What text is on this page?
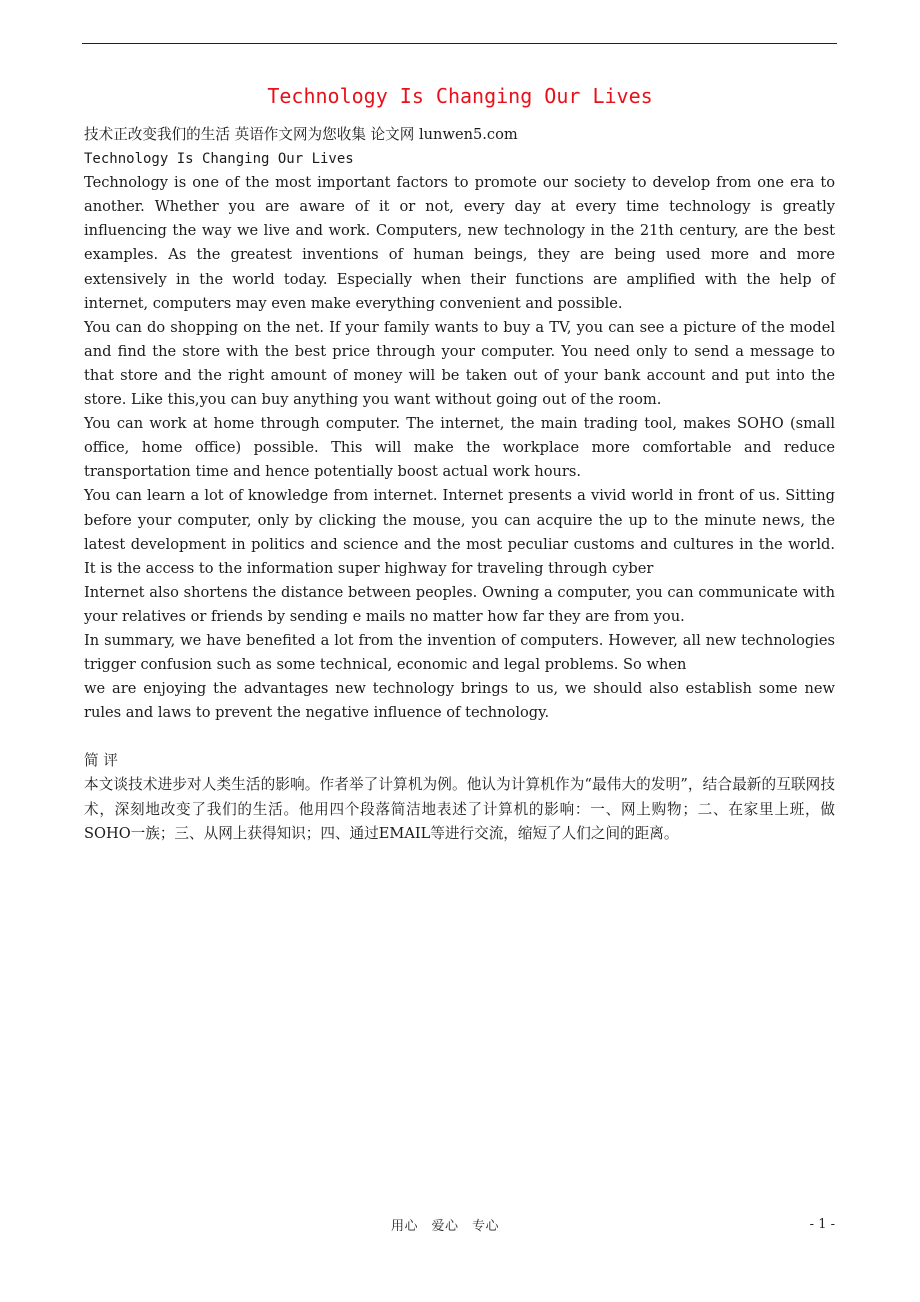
Technology Is Changing Our Lives

技术正改变我们的生活 英语作文网为您收集 论文网 lunwen5.com

Technology Is Changing Our Lives

Technology is one of the most important factors to promote our society to develop from one era to another. Whether you are aware of it or not, every day at every time technology is greatly influencing the way we live and work. Computers, new technology in the 21th century, are the best examples. As the greatest inventions of human beings, they are being used more and more extensively in the world today. Especially when their functions are amplified with the help of internet, computers may even make everything convenient and possible.

You can do shopping on the net. If your family wants to buy a TV, you can see a picture of the model and find the store with the best price through your computer. You need only to send a message to that store and the right amount of money will be taken out of your bank account and put into the store. Like this,you can buy anything you want without going out of the room.

You can work at home through computer. The internet, the main trading tool, makes SOHO (small office, home office) possible. This will make the workplace more comfortable and reduce transportation time and hence potentially boost actual work hours.

You can learn a lot of knowledge from internet. Internet presents a vivid world in front of us. Sitting before your computer, only by clicking the mouse, you can acquire the up to the minute news, the latest development in politics and science and the most peculiar customs and cultures in the world. It is the access to the information super highway for traveling through cyber

Internet also shortens the distance between peoples. Owning a computer, you can communicate with your relatives or friends by sending e mails no matter how far they are from you.

In summary, we have benefited a lot from the invention of computers. However, all new technologies trigger confusion such as some technical, economic and legal problems. So when

we are enjoying the advantages new technology brings to us, we should also establish some new rules and laws to prevent the negative influence of technology.

简 评

本文谈技术进步对人类生活的影响。作者举了计算机为例。他认为计算机作为“最伟大的发明”，结合最新的互联网技术，深刻地改变了我们的生活。他用四个段落简洁地表述了计算机的影响：一、网上购物；二、在家里上班，做SOHO一族；三、从网上获得知识；四、通过EMAIL等进行交流，缩短了人们之间的距离。

用心　爱心　专心	- 1 -
